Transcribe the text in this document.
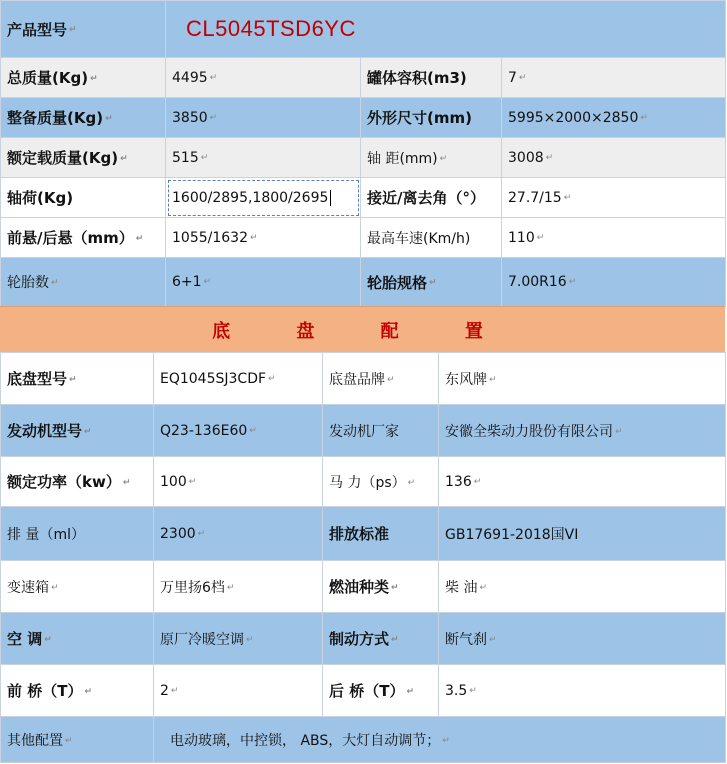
产品型号 ↵	CL5045TSD6YC		
总质量(Kg) ↵	4495 ↵	罐体容积(m3)	7 ↵
整备质量(Kg) ↵	3850 ↵	外形尺寸(mm)	5995×2000×2850 ↵
额定载质量(Kg) ↵	515 ↵	轴 距(mm) ↵	3008 ↵
轴荷(Kg)	1600/2895,1800/2695	接近/离去角（°）	27.7/15 ↵
前悬/后悬（mm） ↵	1055/1632 ↵	最高车速(Km/h)	110 ↵
轮胎数 ↵	6+1 ↵	轮胎规格 ↵	7.00R16 ↵
底 盘 配 置
底盘型号 ↵	EQ1045SJ3CDF ↵	底盘品牌 ↵	东风牌 ↵
发动机型号 ↵	Q23-136E60 ↵	发动机厂家	安徽全柴动力股份有限公司 ↵
额定功率（kw） ↵	100 ↵	马 力（ps） ↵	136 ↵
排 量（ml）	2300 ↵	排放标准	GB17691-2018国VI
变速箱 ↵	万里扬6档 ↵	燃油种类 ↵	柴 油 ↵
空 调 ↵	原厂冷暖空调 ↵	制动方式 ↵	断气刹 ↵
前 桥（T） ↵	2 ↵	后 桥（T） ↵	3.5 ↵
其他配置 ↵	电动玻璃，中控锁， ABS，大灯自动调节； ↵
